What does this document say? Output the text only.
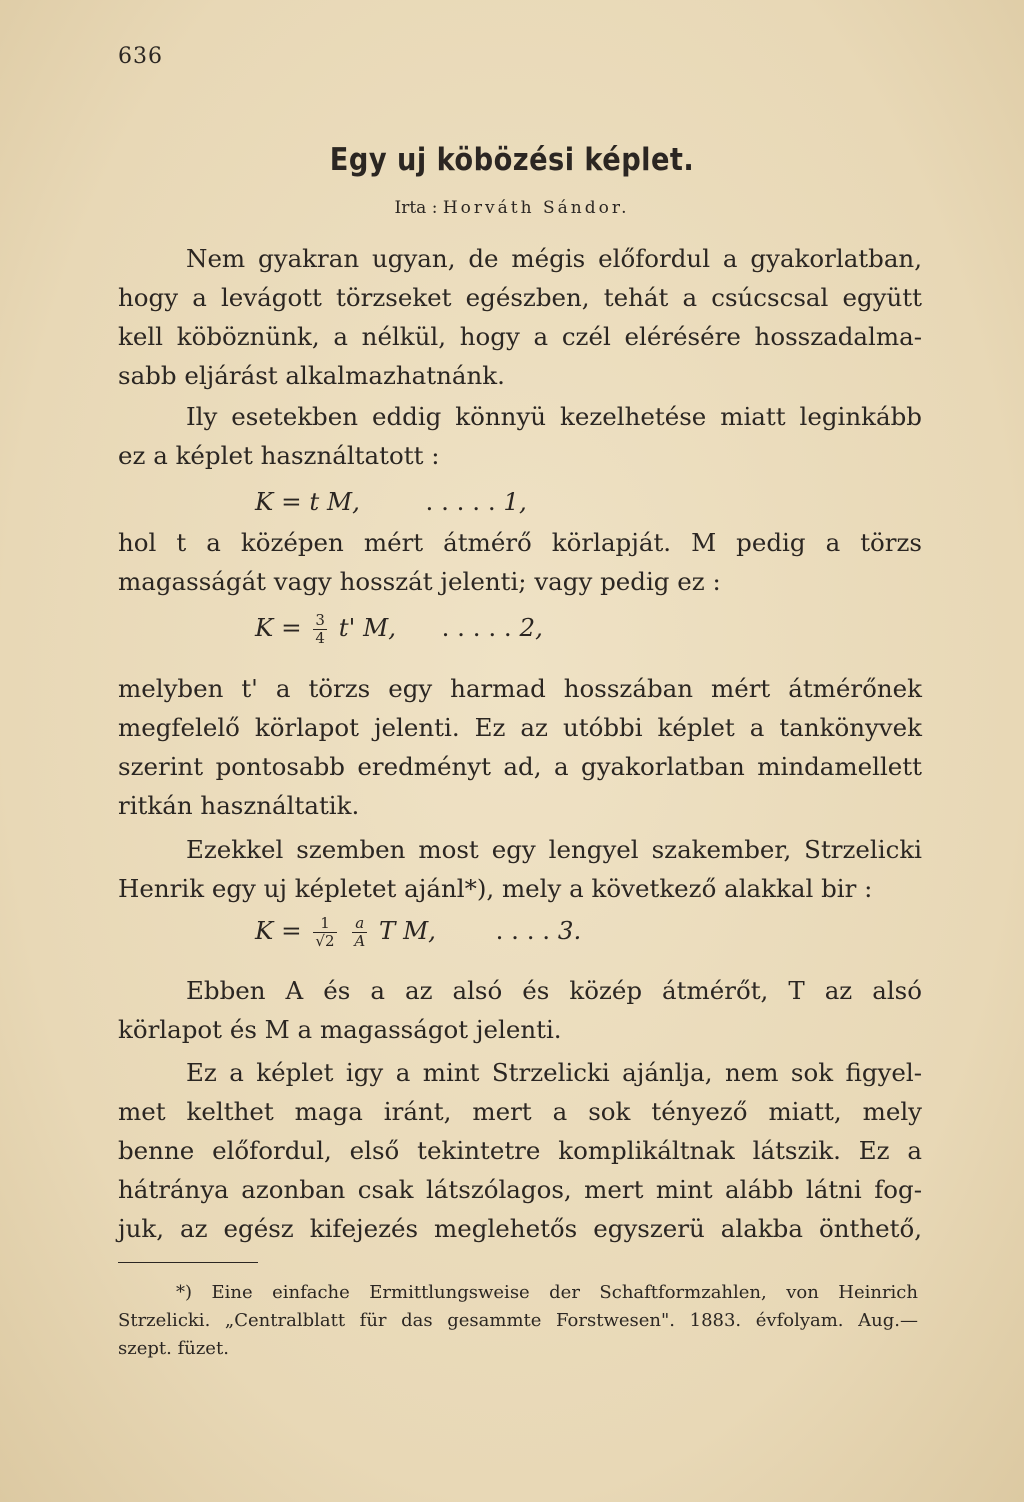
636
Egy uj köbözési képlet.
Irta : Horváth Sándor.
Nem gyakran ugyan, de mégis előfordul a gyakorlatban,
hogy a levágott törzseket egészben, tehát a csúcscsal együtt
kell köböznünk, a nélkül, hogy a czél elérésére hosszadalma-
sabb eljárást alkalmazhatnánk.
Ily esetekben eddig könnyü kezelhetése miatt leginkább
ez a képlet használtatott :
K = t M,	. . . . . 1,
hol t a középen mért átmérő körlapját. M pedig a törzs
magasságát vagy hosszát jelenti; vagy pedig ez :
$K = \frac{3}{4} t'$ M, . . . . . 2,
melyben t' a törzs egy harmad hosszában mért átmérőnek
megfelelő körlapot jelenti. Ez az utóbbi képlet a tankönyvek
szerint pontosabb eredményt ad, a gyakorlatban mindamellett
ritkán használtatik.
Ezekkel szemben most egy lengyel szakember, Strzelicki
Henrik egy uj képletet ajánl*), mely a következő alakkal bir :
$K = \frac{1}{√2}$
$\frac{a}{A}$ T M, . . . . 3.
Ebben A és a az alsó és közép átmérőt, T az alsó
körlapot és M a magasságot jelenti.
Ez a képlet igy a mint Strzelicki ajánlja, nem sok figyel-
met kelthet maga iránt, mert a sok tényező miatt, mely
benne előfordul, első tekintetre komplikáltnak látszik. Ez a
hátránya azonban csak látszólagos, mert mint alább látni fog-
juk, az egész kifejezés meglehetős egyszerü alakba önthető,
*) Eine einfache Ermittlungsweise der Schaftformzahlen, von Heinrich
Strzelicki. „Centralblatt für das gesammte Forstwesen". 1883. évfolyam. Aug.—
szept. füzet.
